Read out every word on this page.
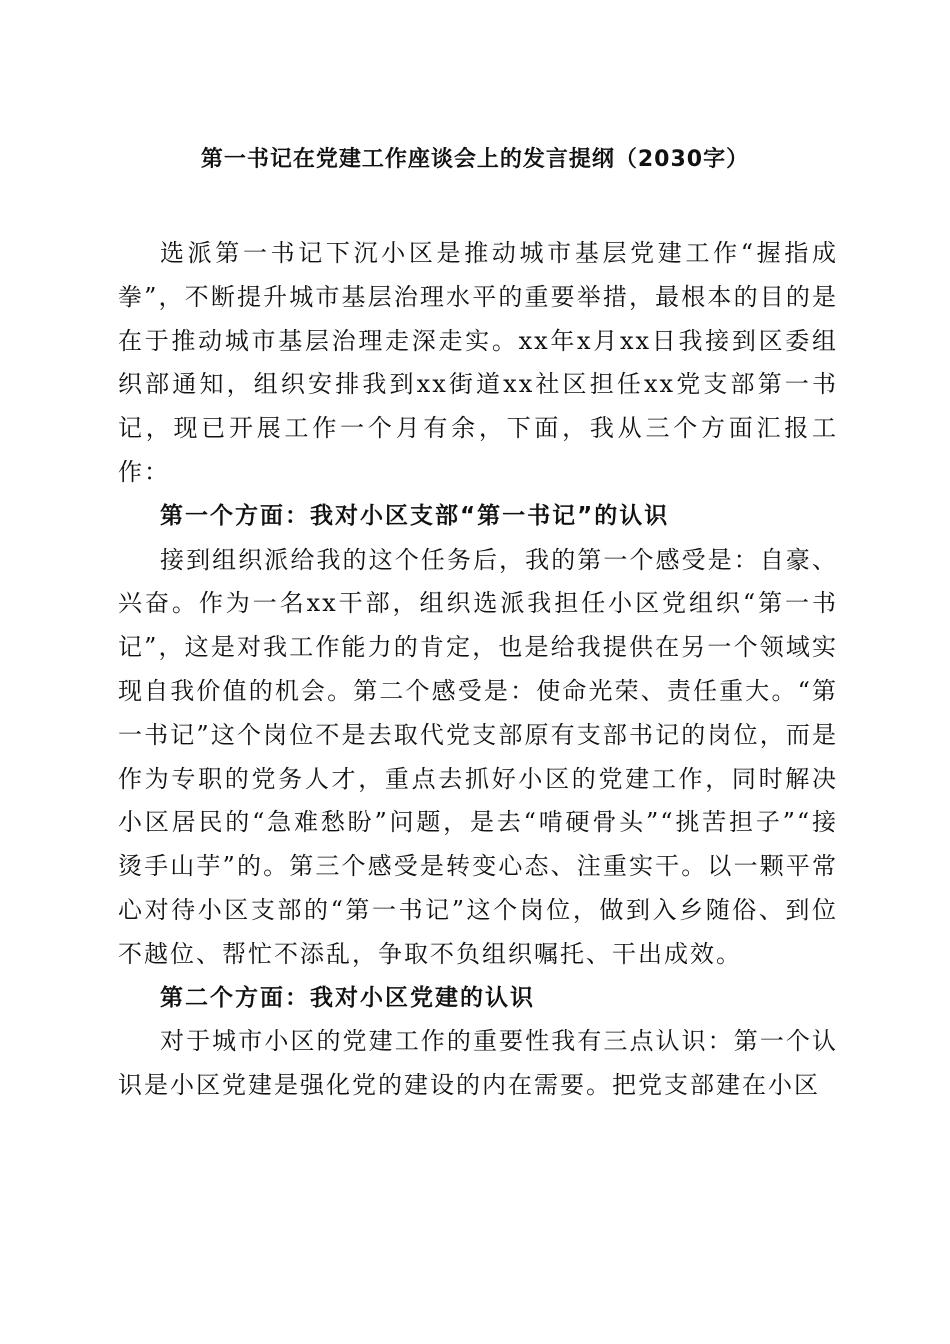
第一书记在党建工作座谈会上的发言提纲（2030字）

选派第一书记下沉小区是推动城市基层党建工作“握指成拳”，不断提升城市基层治理水平的重要举措，最根本的目的是在于推动城市基层治理走深走实。xx年x月xx日我接到区委组织部通知，组织安排我到xx街道xx社区担任xx党支部第一书记，现已开展工作一个月有余，下面，我从三个方面汇报工作：

第一个方面：我对小区支部“第一书记”的认识

接到组织派给我的这个任务后，我的第一个感受是：自豪、兴奋。作为一名xx干部，组织选派我担任小区党组织“第一书记”，这是对我工作能力的肯定，也是给我提供在另一个领域实现自我价值的机会。第二个感受是：使命光荣、责任重大。“第一书记”这个岗位不是去取代党支部原有支部书记的岗位，而是作为专职的党务人才，重点去抓好小区的党建工作，同时解决小区居民的“急难愁盼”问题，是去“啃硬骨头”“挑苦担子”“接烫手山芋”的。第三个感受是转变心态、注重实干。以一颗平常心对待小区支部的“第一书记”这个岗位，做到入乡随俗、到位不越位、帮忙不添乱，争取不负组织嘱托、干出成效。

第二个方面：我对小区党建的认识

对于城市小区的党建工作的重要性我有三点认识：第一个认识是小区党建是强化党的建设的内在需要。把党支部建在小区
